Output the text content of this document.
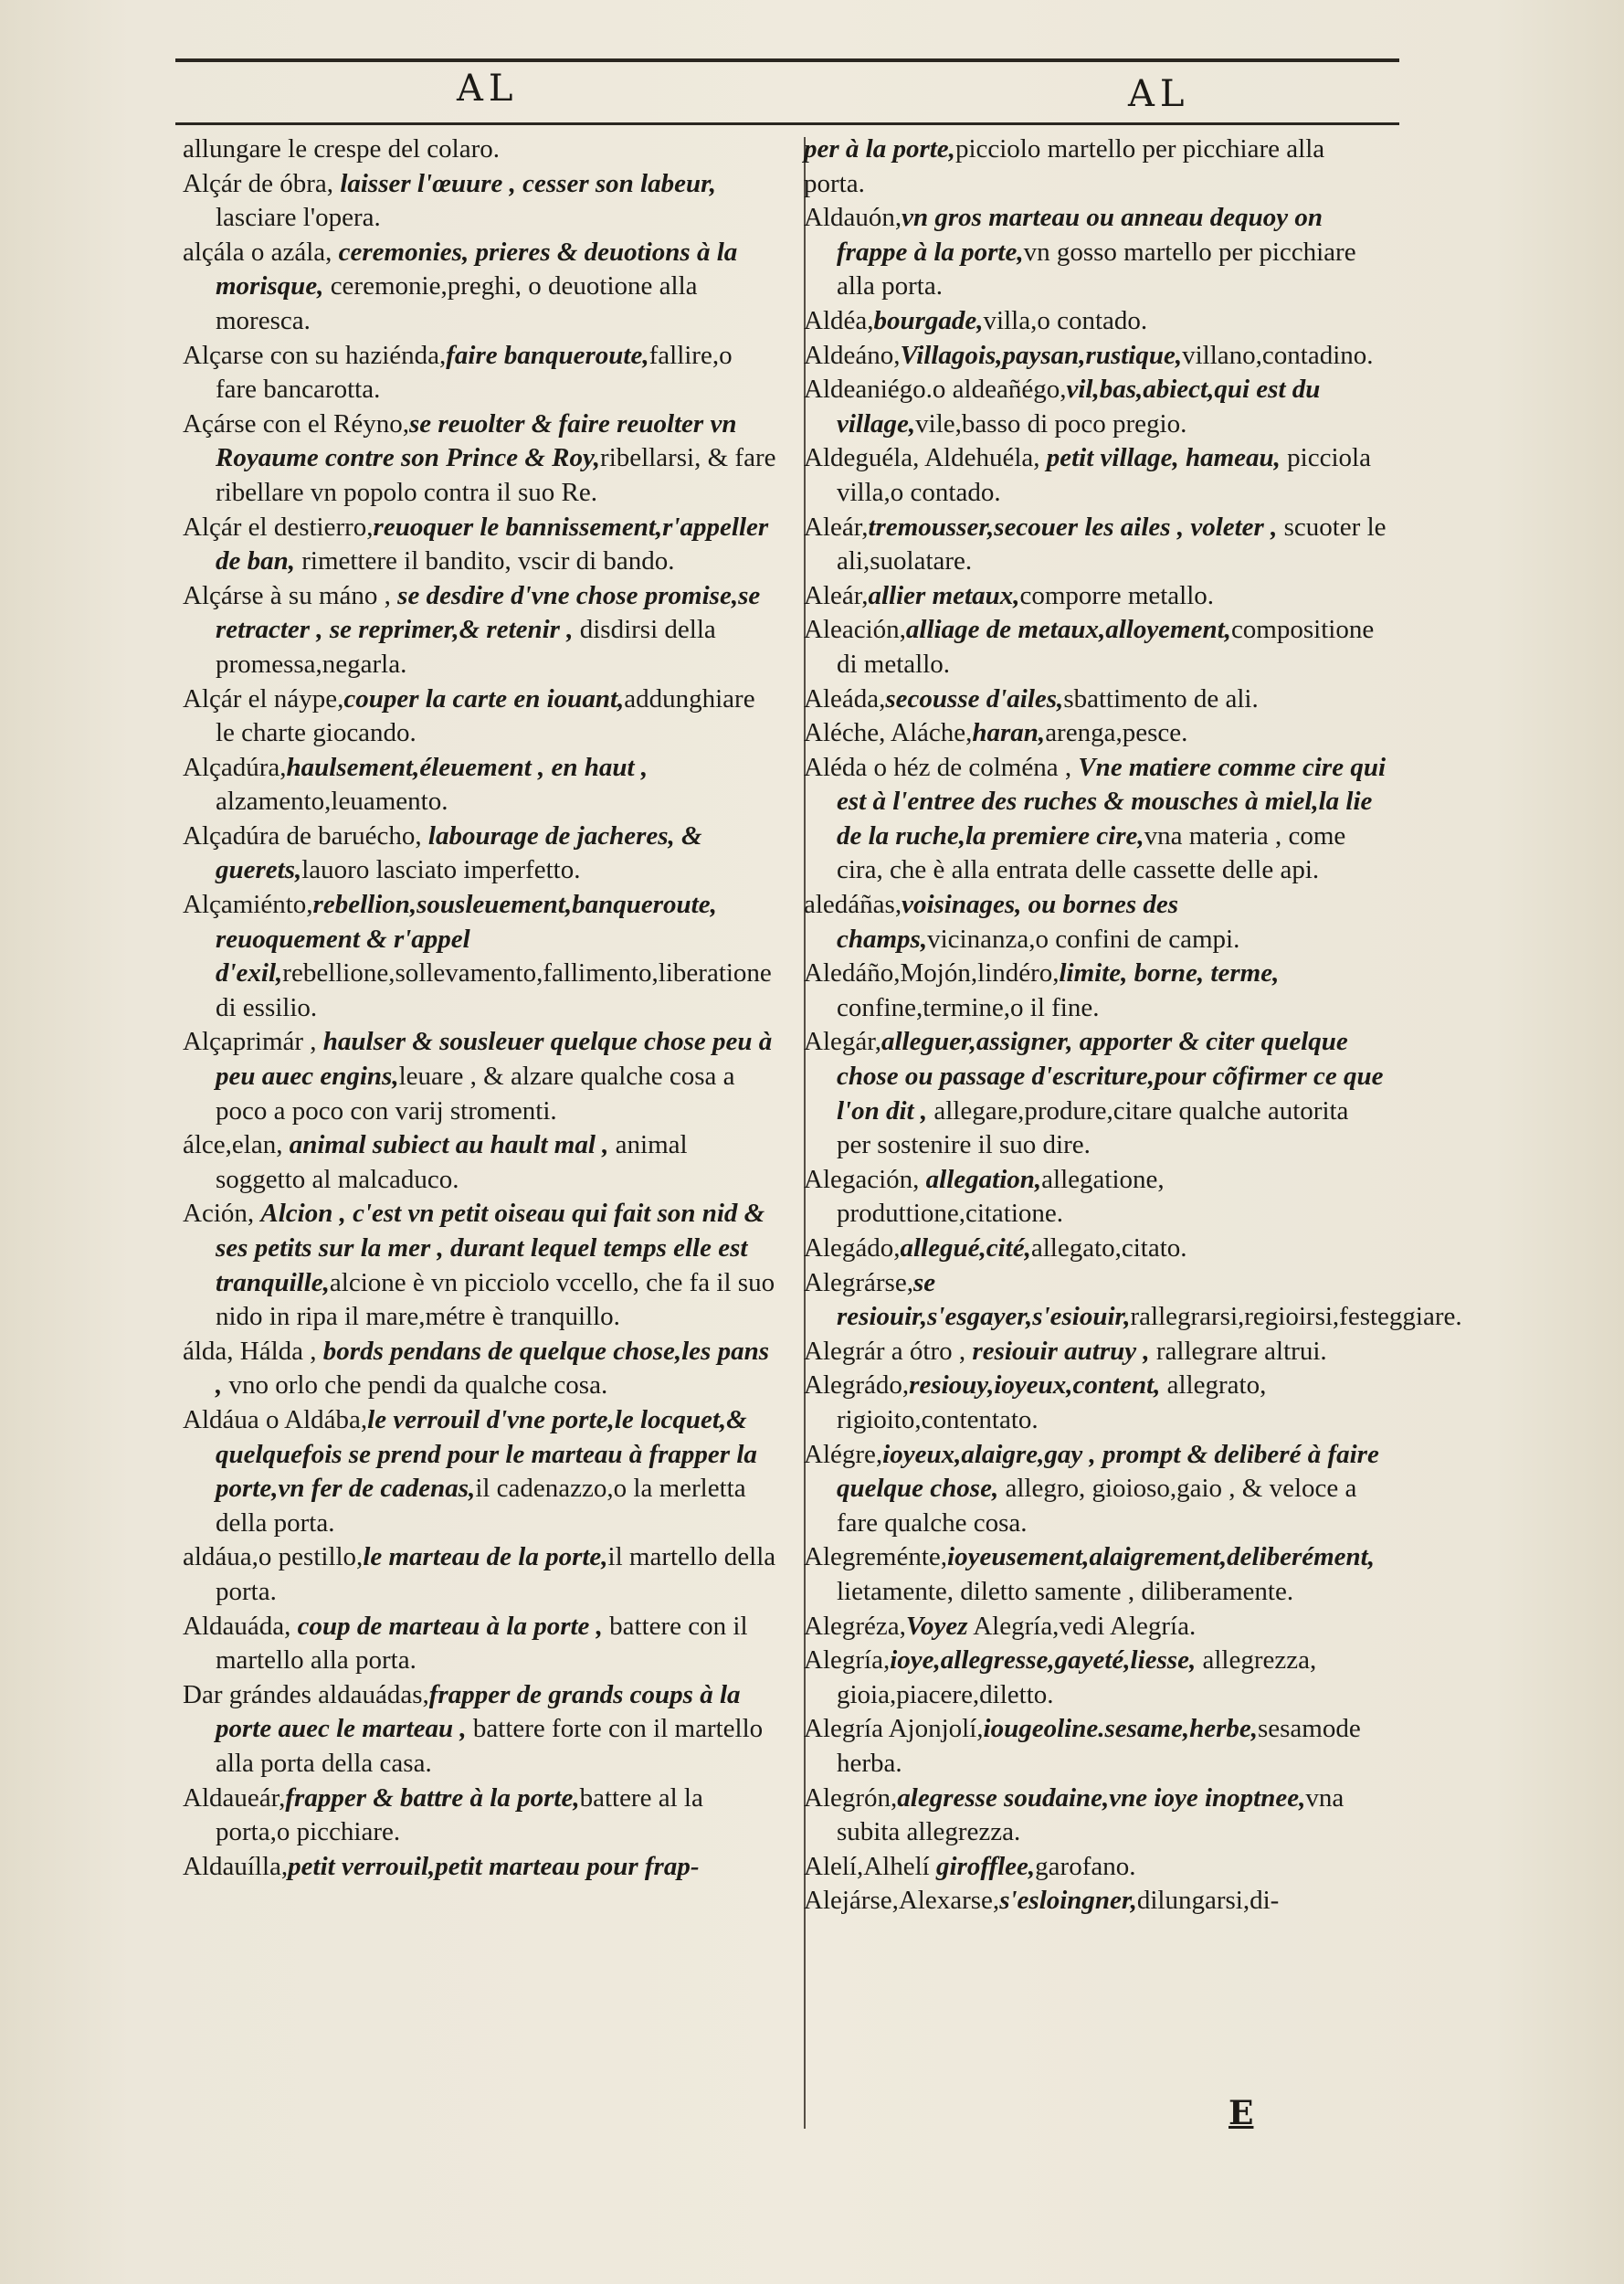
AL	AL

allungare le crespe del colaro.

Alçár de óbra, laisser l'œuure , cesser son labeur, lasciare l'opera.

alçála o azála, ceremonies, prieres & deuotions à la morisque, ceremonie,preghi, o deuotione alla moresca.

Alçarse con su haziénda,faire banqueroute,fallire,o fare bancarotta.

Açárse con el Réyno,se reuolter & faire reuolter vn Royaume contre son Prince & Roy,ribellarsi, & fare ribellare vn popolo contra il suo Re.

Alçár el destierro,reuoquer le bannissement,r'appeller de ban, rimettere il bandito, vscir di bando.

Alçárse à su máno , se desdire d'vne chose promise,se retracter , se reprimer,& retenir , disdirsi della promessa,negarla.

Alçár el náype,couper la carte en iouant,addunghiare le charte giocando.

Alçadúra,haulsement,éleuement , en haut , alzamento,leuamento.

Alçadúra de baruécho, labourage de jacheres, & guerets,lauoro lasciato imperfetto.

Alçamiénto,rebellion,sousleuement,banqueroute, reuoquement & r'appel d'exil,rebellione,sollevamento,fallimento,liberatione di essilio.

Alçaprimár , haulser & sousleuer quelque chose peu à peu auec engins,leuare , & alzare qualche cosa a poco a poco con varij stromenti.

álce,elan, animal subiect au hault mal , animal soggetto al malcaduco.

Ación, Alcion , c'est vn petit oiseau qui fait son nid & ses petits sur la mer , durant lequel temps elle est tranquille,alcione è vn picciolo vccello, che fa il suo nido in ripa il mare,métre è tranquillo.

álda, Hálda , bords pendans de quelque chose,les pans , vno orlo che pendi da qualche cosa.

Aldáua o Aldába,le verrouil d'vne porte,le locquet,& quelquefois se prend pour le marteau à frapper la porte,vn fer de cadenas,il cadenazzo,o la merletta della porta.

aldáua,o pestillo,le marteau de la porte,il martello della porta.

Aldauáda, coup de marteau à la porte , battere con il martello alla porta.

Dar grándes aldauádas,frapper de grands coups à la porte auec le marteau , battere forte con il martello alla porta della casa.

Aldaueár,frapper & battre à la porte,battere al la porta,o picchiare.

Aldauílla,petit verrouil,petit marteau pour frap-

per à la porte,picciolo martello per picchiare alla porta.

Aldauón,vn gros marteau ou anneau dequoy on frappe à la porte,vn gosso martello per picchiare alla porta.

Aldéa,bourgade,villa,o contado.

Aldeáno,Villagois,paysan,rustique,villano,contadino.

Aldeaniégo.o aldeañégo,vil,bas,abiect,qui est du village,vile,basso di poco pregio.

Aldeguéla, Aldehuéla, petit village, hameau, picciola villa,o contado.

Aleár,tremousser,secouer les ailes , voleter , scuoter le ali,suolatare.

Aleár,allier metaux,comporre metallo.

Aleación,alliage de metaux,alloyement,compositione di metallo.

Aleáda,secousse d'ailes,sbattimento de ali.

Aléche, Aláche,haran,arenga,pesce.

Aléda o héz de colména , Vne matiere comme cire qui est à l'entree des ruches & mousches à miel,la lie de la ruche,la premiere cire,vna materia , come cira, che è alla entrata delle cassette delle api.

aledáñas,voisinages, ou bornes des champs,vicinanza,o confini de campi.

Aledáño,Mojón,lindéro,limite, borne, terme, confine,termine,o il fine.

Alegár,alleguer,assigner, apporter & citer quelque chose ou passage d'escriture,pour cõfirmer ce que l'on dit , allegare,produre,citare qualche autorita per sostenire il suo dire.

Alegación, allegation,allegatione, produttione,citatione.

Alegádo,allegué,cité,allegato,citato.

Alegrárse,se resiouir,s'esgayer,s'esiouir,rallegrarsi,regioirsi,festeggiare.

Alegrár a ótro , resiouir autruy , rallegrare altrui.

Alegrádo,resiouy,ioyeux,content, allegrato, rigioito,contentato.

Alégre,ioyeux,alaigre,gay , prompt & deliberé à faire quelque chose, allegro, gioioso,gaio , & veloce a fare qualche cosa.

Alegreménte,ioyeusement,alaigrement,deliberément, lietamente, diletto samente , diliberamente.

Alegréza,Voyez Alegría,vedi Alegría.

Alegría,ioye,allegresse,gayeté,liesse, allegrezza, gioia,piacere,diletto.

Alegría Ajonjolí,iougeoline.sesame,herbe,sesamode herba.

Alegrón,alegresse soudaine,vne ioye inoptnee,vna subita allegrezza.

Alelí,Alhelí girofflee,garofano.

Alejárse,Alexarse,s'esloingner,dilungarsi,di-

E
